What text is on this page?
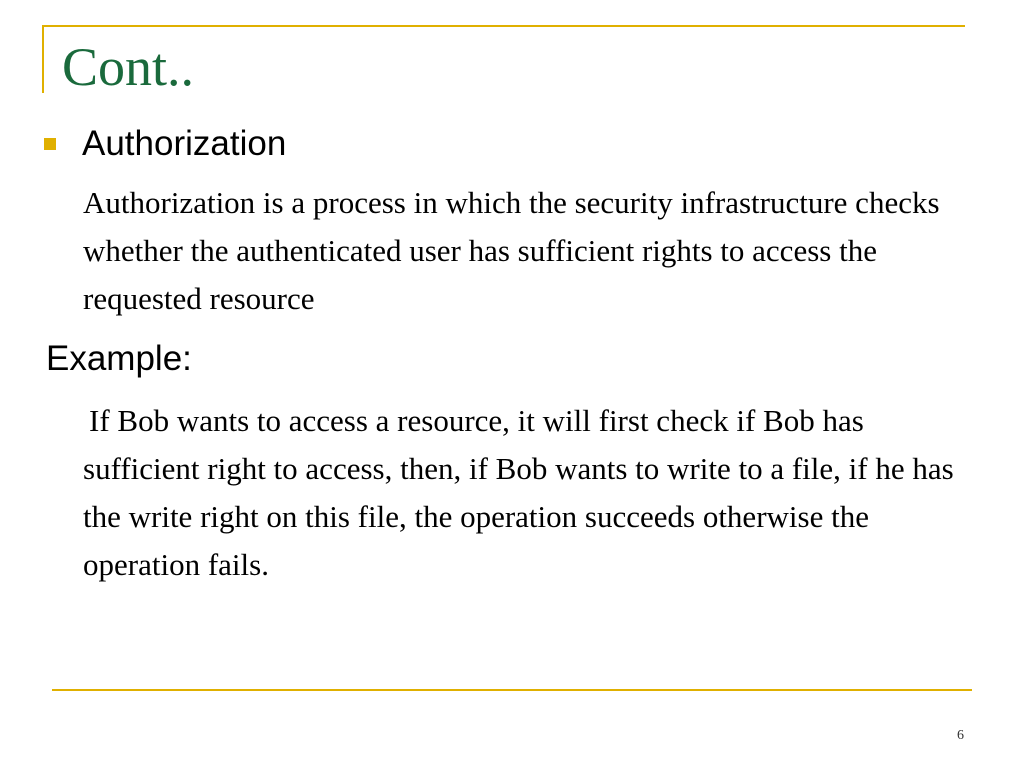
Cont..
Authorization

Authorization is a process in which the security infrastructure checks whether the authenticated user has sufficient rights to access the requested resource

Example:

If Bob wants to access a resource, it will first check if Bob has sufficient right to access, then, if Bob wants to write to a file, if he has the write right on this file, the operation succeeds otherwise the operation fails.

6
